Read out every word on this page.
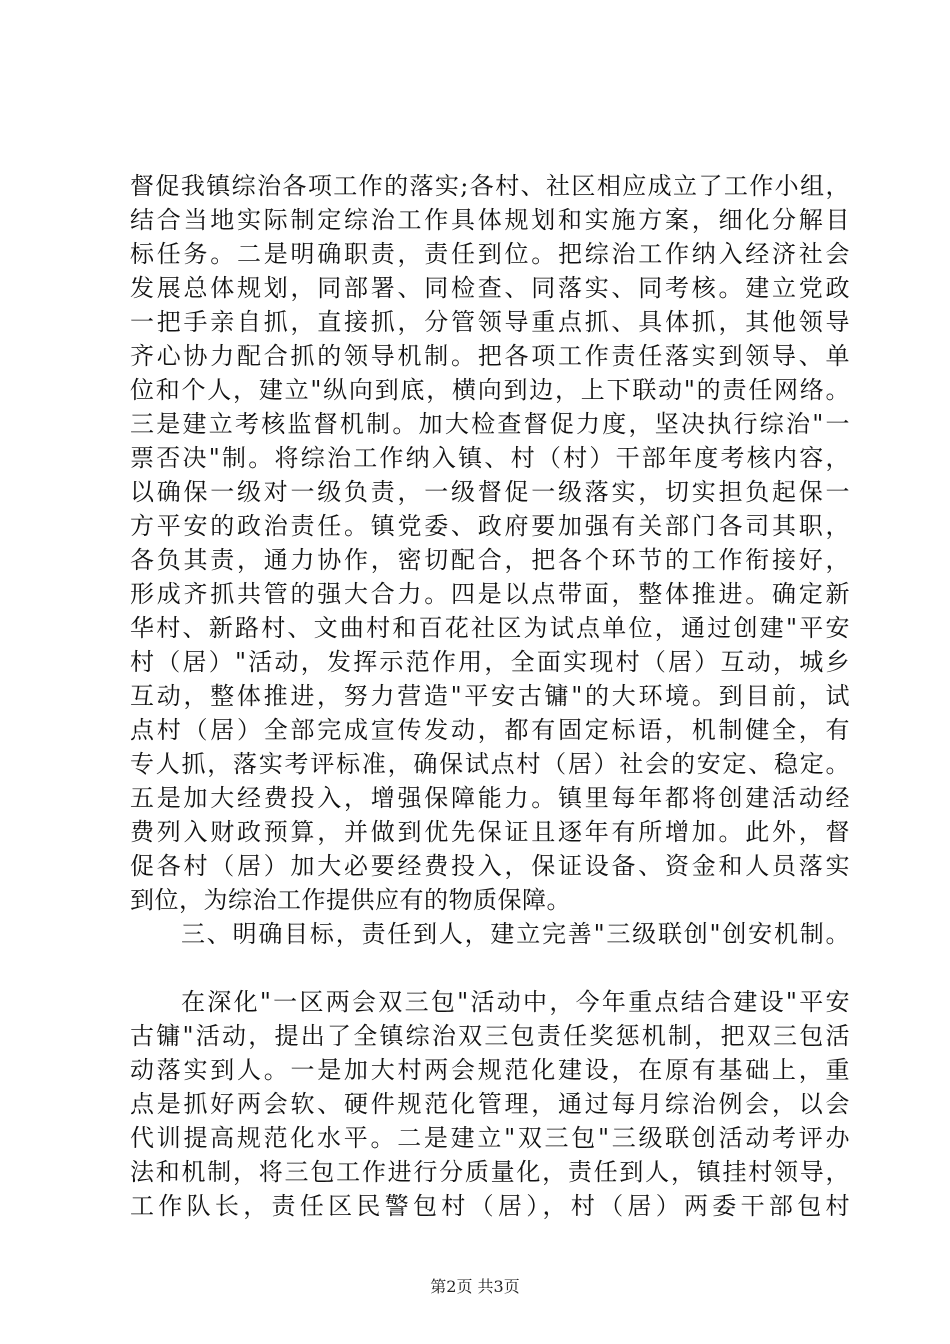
督促我镇综治各项工作的落实;各村、社区相应成立了工作小组，
结合当地实际制定综治工作具体规划和实施方案，细化分解目
标任务。二是明确职责，责任到位。把综治工作纳入经济社会
发展总体规划，同部署、同检查、同落实、同考核。建立党政
一把手亲自抓，直接抓，分管领导重点抓、具体抓，其他领导
齐心协力配合抓的领导机制。把各项工作责任落实到领导、单
位和个人，建立"纵向到底，横向到边，上下联动"的责任网络。
三是建立考核监督机制。加大检查督促力度，坚决执行综治"一
票否决"制。将综治工作纳入镇、村（村）干部年度考核内容，
以确保一级对一级负责，一级督促一级落实，切实担负起保一
方平安的政治责任。镇党委、政府要加强有关部门各司其职，
各负其责，通力协作，密切配合，把各个环节的工作衔接好，
形成齐抓共管的强大合力。四是以点带面，整体推进。确定新
华村、新路村、文曲村和百花社区为试点单位，通过创建"平安
村（居）"活动，发挥示范作用，全面实现村（居）互动，城乡
互动，整体推进，努力营造"平安古镛"的大环境。到目前，试
点村（居）全部完成宣传发动，都有固定标语，机制健全，有
专人抓，落实考评标准，确保试点村（居）社会的安定、稳定。
五是加大经费投入，增强保障能力。镇里每年都将创建活动经
费列入财政预算，并做到优先保证且逐年有所增加。此外，督
促各村（居）加大必要经费投入，保证设备、资金和人员落实
到位，为综治工作提供应有的物质保障。
三、明确目标，责任到人，建立完善"三级联创"创安机制。
在深化"一区两会双三包"活动中，今年重点结合建设"平安
古镛"活动，提出了全镇综治双三包责任奖惩机制，把双三包活
动落实到人。一是加大村两会规范化建设，在原有基础上，重
点是抓好两会软、硬件规范化管理，通过每月综治例会，以会
代训提高规范化水平。二是建立"双三包"三级联创活动考评办
法和机制，将三包工作进行分质量化，责任到人，镇挂村领导，
工作队长，责任区民警包村（居），村（居）两委干部包村
第2页 共3页
